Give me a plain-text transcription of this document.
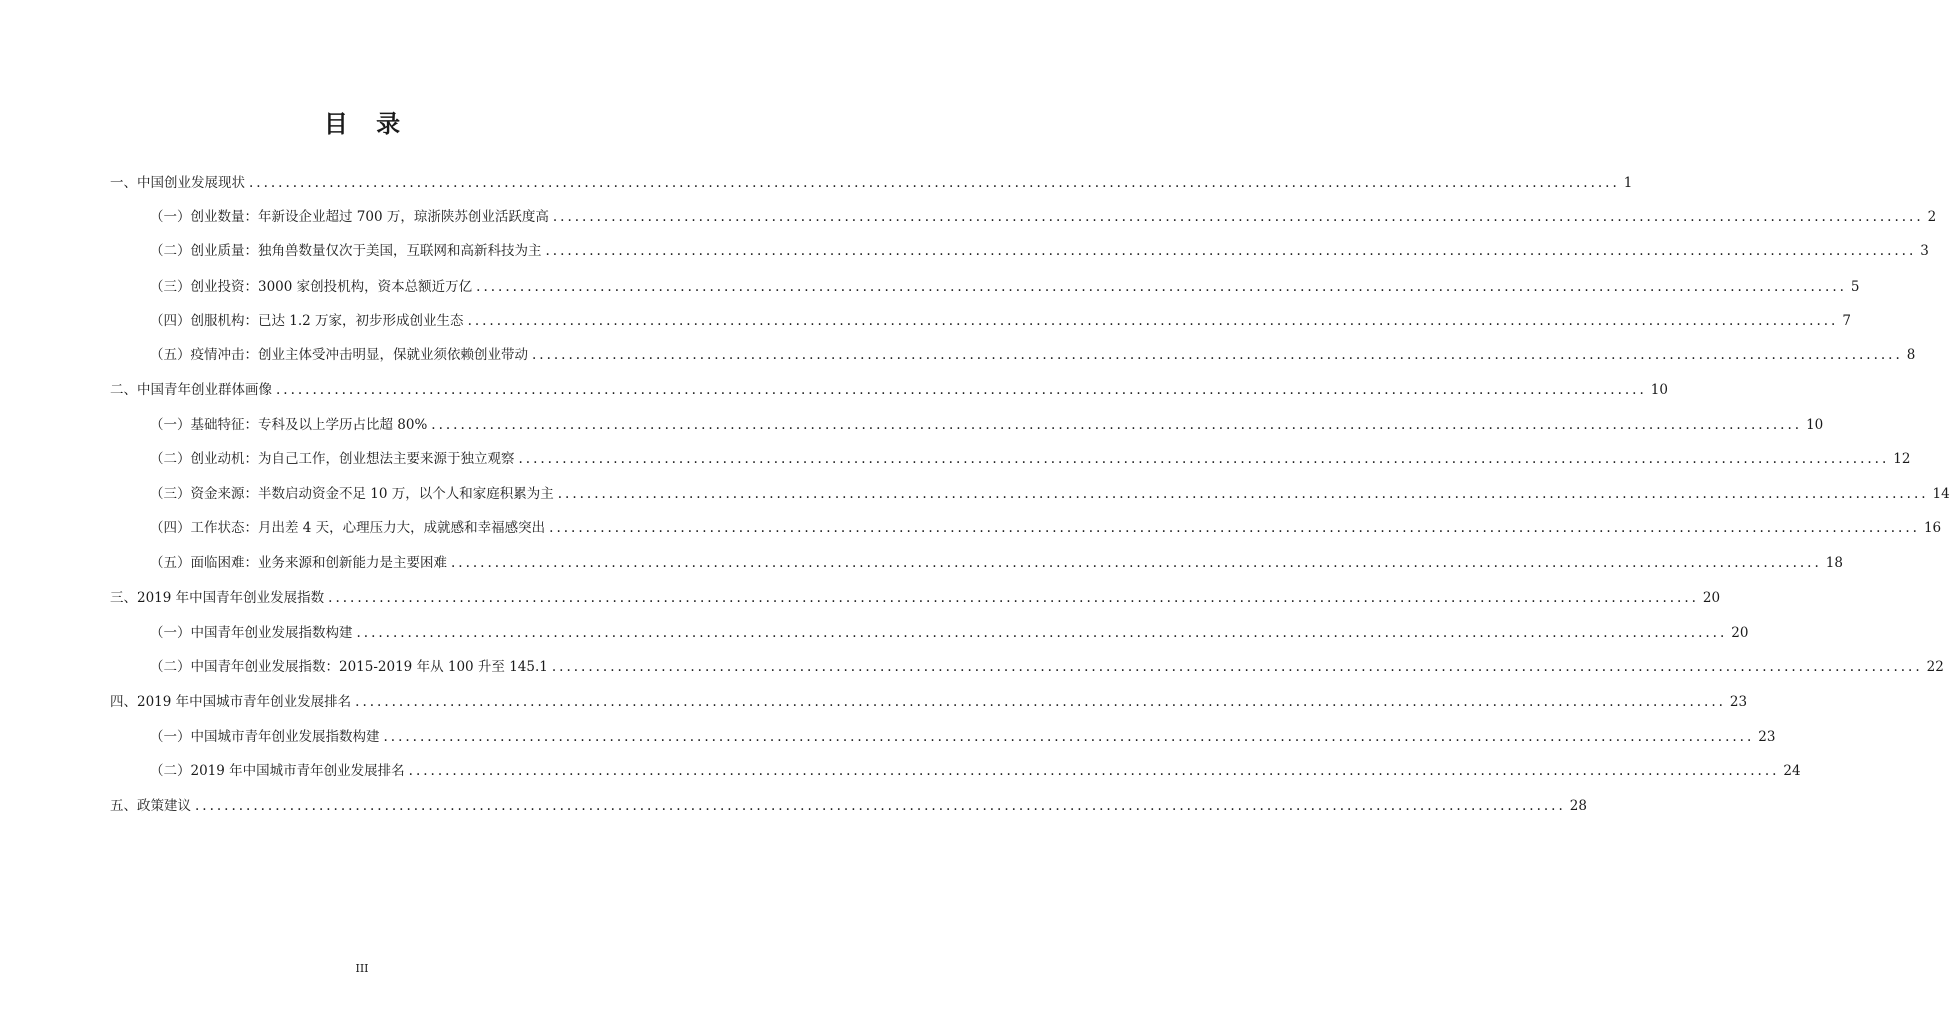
目 录
一、中国创业发展现状 .....	1
（一）创业数量：年新设企业超过 700 万，琼浙陕苏创业活跃度高 .....	2
（二）创业质量：独角兽数量仅次于美国，互联网和高新科技为主 .....	3
（三）创业投资：3000 家创投机构，资本总额近万亿 .....	5
（四）创服机构：已达 1.2 万家，初步形成创业生态 .....	7
（五）疫情冲击：创业主体受冲击明显，保就业须依赖创业带动 .....	8
二、中国青年创业群体画像 .....	10
（一）基础特征：专科及以上学历占比超 80% .....	10
（二）创业动机：为自己工作，创业想法主要来源于独立观察 .....	12
（三）资金来源：半数启动资金不足 10 万，以个人和家庭积累为主 .....	14
（四）工作状态：月出差 4 天，心理压力大，成就感和幸福感突出 .....	16
（五）面临困难：业务来源和创新能力是主要困难 .....	18
三、2019 年中国青年创业发展指数 .....	20
（一）中国青年创业发展指数构建 .....	20
（二）中国青年创业发展指数：2015-2019 年从 100 升至 145.1 .....	22
四、2019 年中国城市青年创业发展排名 .....	23
（一）中国城市青年创业发展指数构建 .....	23
（二）2019 年中国城市青年创业发展排名 .....	24
五、政策建议 .....	28
III
